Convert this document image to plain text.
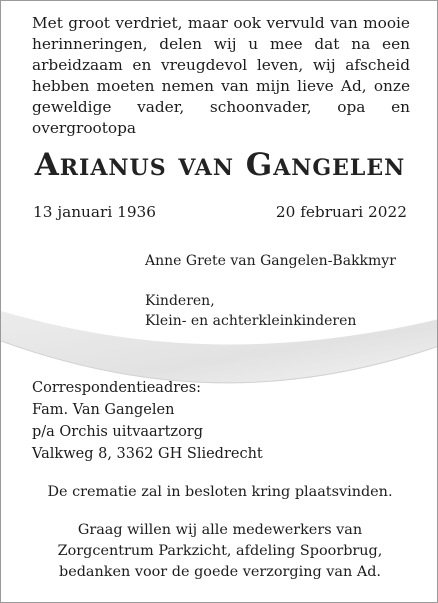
Met groot verdriet, maar ook vervuld van mooie herinneringen, delen wij u mee dat na een arbeidzaam en vreugdevol leven, wij afscheid hebben moeten nemen van mijn lieve Ad, onze geweldige vader, schoonvader, opa en overgrootopa

Arianus van Gangelen
13 januari 1936	20 februari 2022
Anne Grete van Gangelen-Bakkmyr
Kinderen,
Klein- en achterkleinkinderen
Correspondentieadres:
Fam. Van Gangelen
p/a Orchis uitvaartzorg
Valkweg 8, 3362 GH Sliedrecht
De crematie zal in besloten kring plaatsvinden.
Graag willen wij alle medewerkers van
Zorgcentrum Parkzicht, afdeling Spoorbrug,
bedanken voor de goede verzorging van Ad.
